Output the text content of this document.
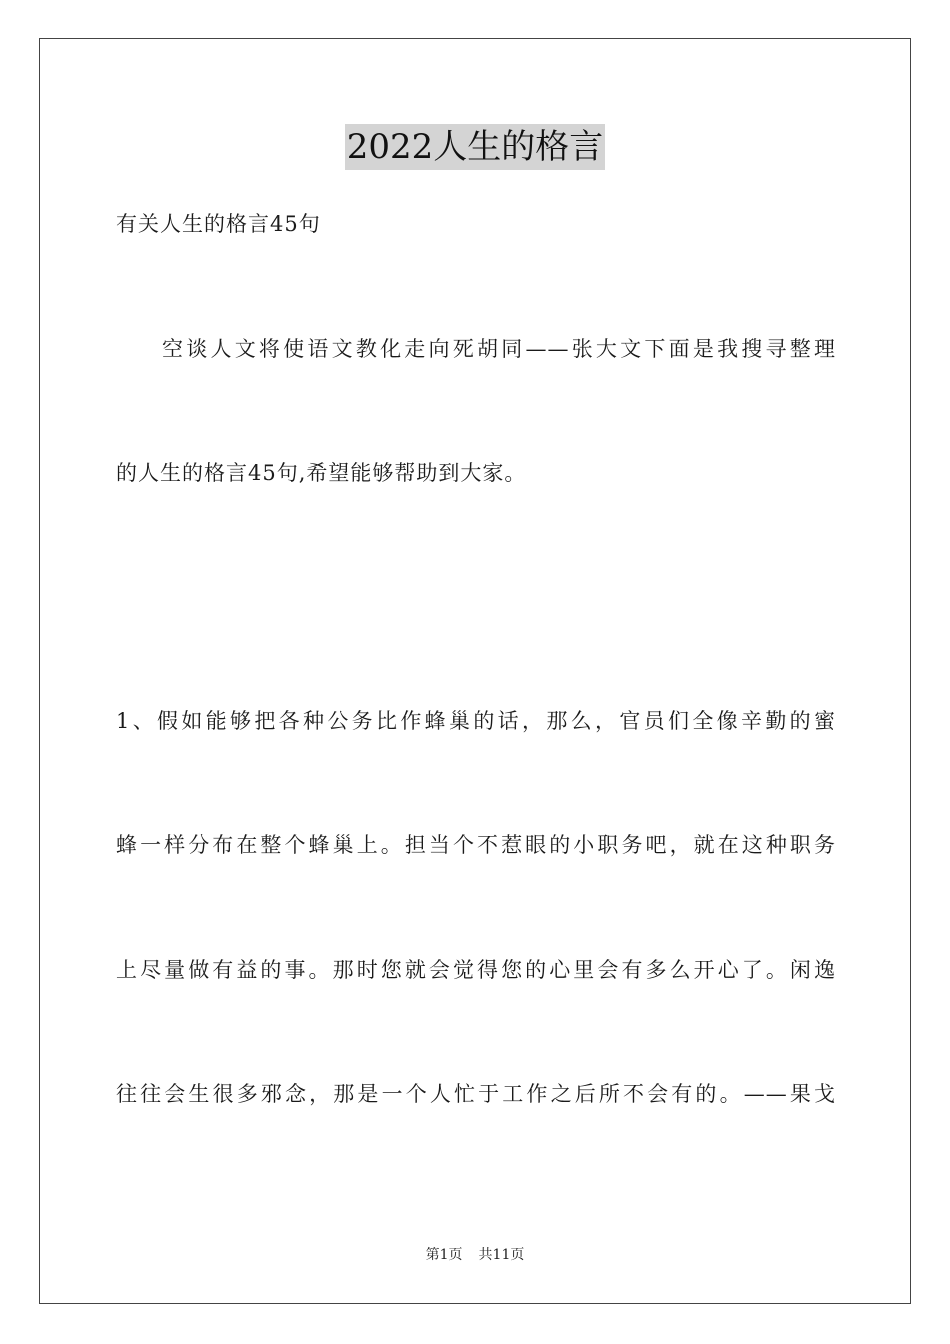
2022人生的格言
有关人生的格言45句
空谈人文将使语文教化走向死胡同——张大文下面是我搜寻整理
的人生的格言45句,希望能够帮助到大家。
1、假如能够把各种公务比作蜂巢的话，那么，官员们全像辛勤的蜜
蜂一样分布在整个蜂巢上。担当个不惹眼的小职务吧，就在这种职务
上尽量做有益的事。那时您就会觉得您的心里会有多么开心了。闲逸
往往会生很多邪念，那是一个人忙于工作之后所不会有的。——果戈
第1页 共11页
